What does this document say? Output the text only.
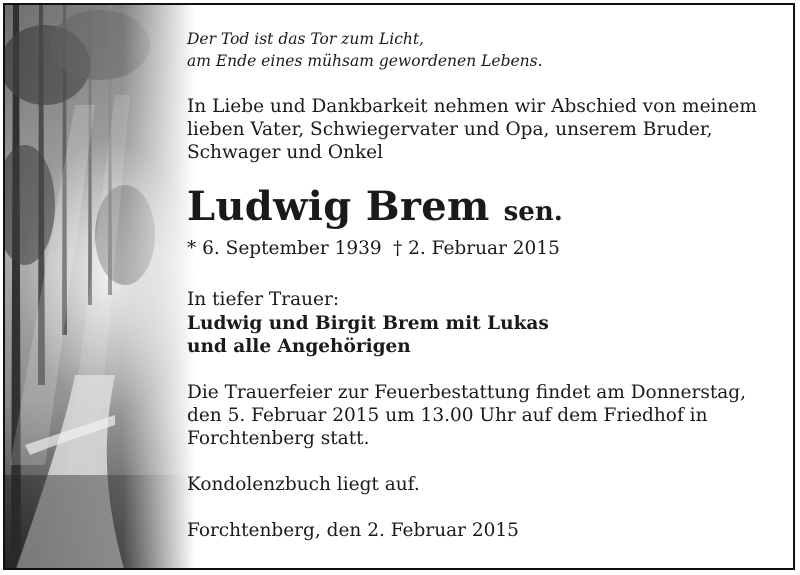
Der Tod ist das Tor zum Licht,
am Ende eines mühsam gewordenen Lebens.
In Liebe und Dankbarkeit nehmen wir Abschied von meinem
lieben Vater, Schwiegervater und Opa, unserem Bruder,
Schwager und Onkel
Ludwig Brem sen.
* 6. September 1939 † 2. Februar 2015
In tiefer Trauer:
Ludwig und Birgit Brem mit Lukas
und alle Angehörigen
Die Trauerfeier zur Feuerbestattung findet am Donnerstag,
den 5. Februar 2015 um 13.00 Uhr auf dem Friedhof in
Forchtenberg statt.
Kondolenzbuch liegt auf.
Forchtenberg, den 2. Februar 2015
